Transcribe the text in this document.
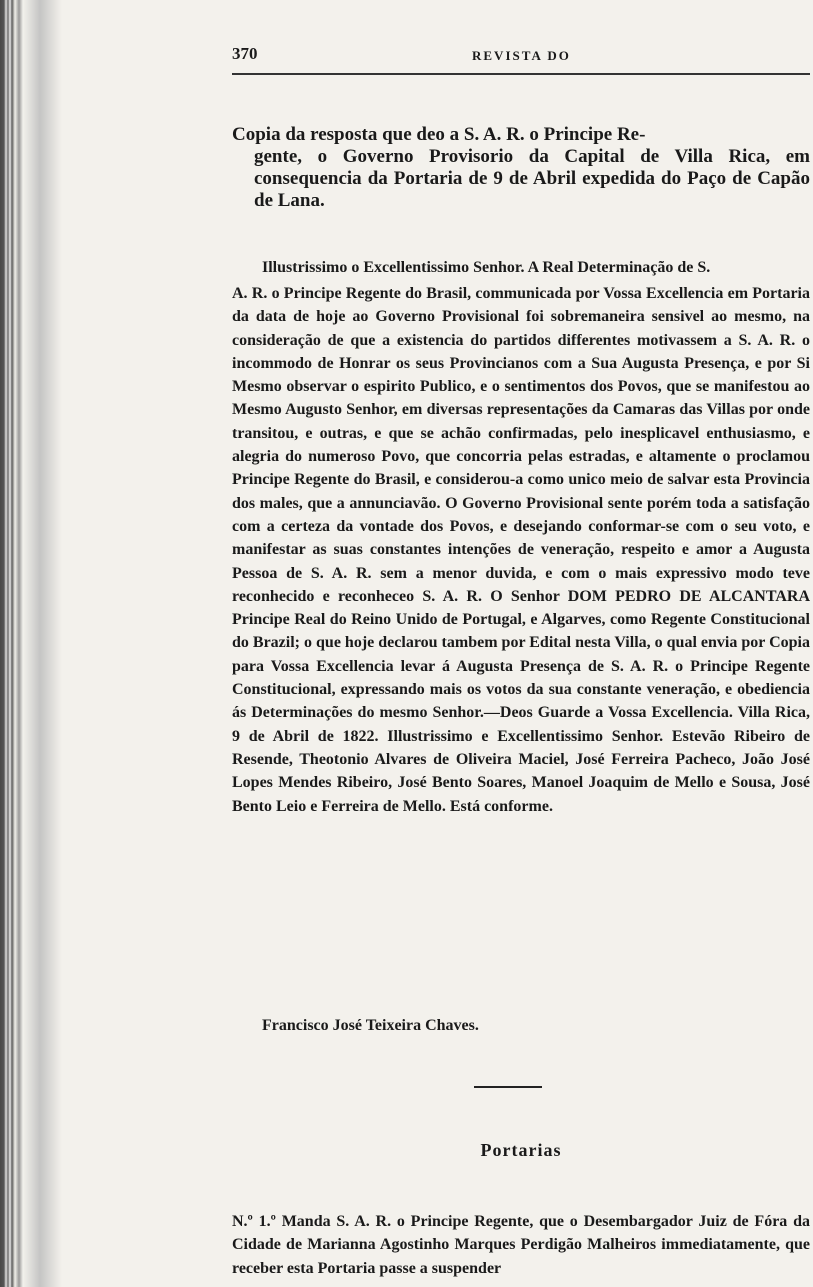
370	REVISTA DO
Copia da resposta que deo a S. A. R. o Principe Re-
gente, o Governo Provisorio da Capital de Villa Rica, em consequencia da Portaria de 9 de Abril expedida do Paço de Capão de Lana.

Illustrissimo o Excellentissimo Senhor. A Real Determinação de S.

A. R. o Principe Regente do Brasil, communicada por Vossa Excellencia em Portaria da data de hoje ao Governo Provisional foi sobremaneira sensivel ao mesmo, na consideração de que a existencia do partidos differentes motivassem a S. A. R. o incommodo de Honrar os seus Provincianos com a Sua Augusta Presença, e por Si Mesmo observar o espirito Publico, e o sentimentos dos Povos, que se manifestou ao Mesmo Augusto Senhor, em diversas representações da Camaras das Villas por onde transitou, e outras, e que se achão confirmadas, pelo inesplicavel enthusiasmo, e alegria do numeroso Povo, que concorria pelas estradas, e altamente o proclamou Principe Regente do Brasil, e considerou-a como unico meio de salvar esta Provincia dos males, que a annunciavão. O Governo Provisional sente porém toda a satisfação com a certeza da vontade dos Povos, e desejando conformar-se com o seu voto, e manifestar as suas constantes intenções de veneração, respeito e amor a Augusta Pessoa de S. A. R. sem a menor duvida, e com o mais expressivo modo teve reconhecido e reconheceo S. A. R. O Senhor DOM PEDRO DE ALCANTARA Principe Real do Reino Unido de Portugal, e Algarves, como Regente Constitucional do Brazil; o que hoje declarou tambem por Edital nesta Villa, o qual envia por Copia para Vossa Excellencia levar á Augusta Presença de S. A. R. o Principe Regente Constitucional, expressando mais os votos da sua constante veneração, e obediencia ás Determinações do mesmo Senhor.—Deos Guarde a Vossa Excellencia. Villa Rica, 9 de Abril de 1822. Illustrissimo e Excellentissimo Senhor. Estevão Ribeiro de Resende, Theotonio Alvares de Oliveira Maciel, José Ferreira Pacheco, João José Lopes Mendes Ribeiro, José Bento Soares, Manoel Joaquim de Mello e Sousa, José Bento Leio e Ferreira de Mello. Está conforme.

Francisco José Teixeira Chaves.
Portarias

N.º 1.º Manda S. A. R. o Principe Regente, que o Desembargador Juiz de Fóra da Cidade de Marianna Agostinho Marques Perdigão Malheiros immediatamente, que receber esta Portaria passe a suspender
